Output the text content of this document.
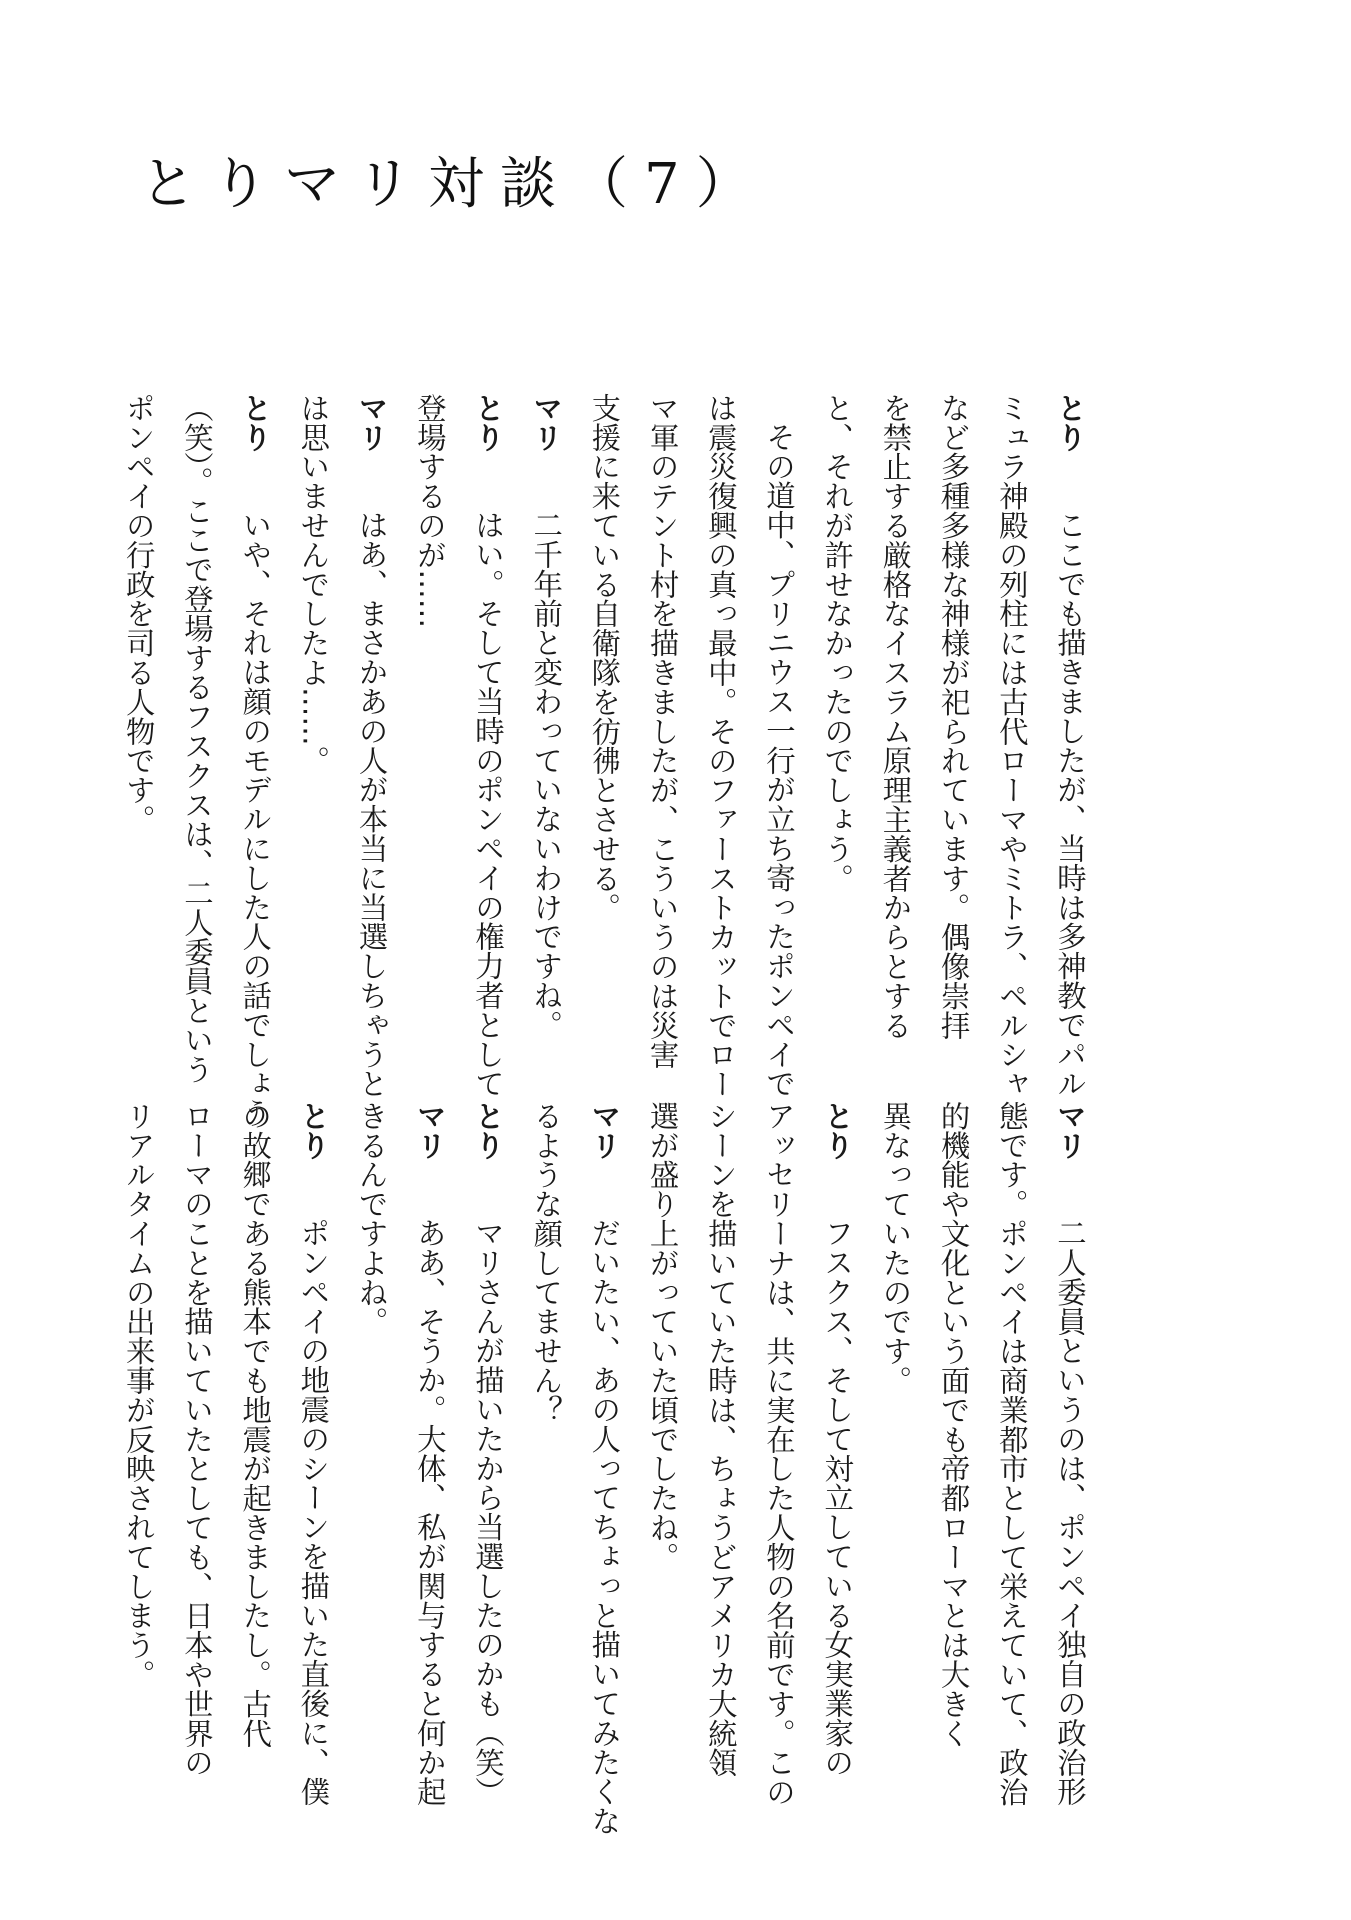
とりマリ対談（7）
とり　ここでも描きましたが、当時は多神教でパル
ミュラ神殿の列柱には古代ローマやミトラ、ペルシャ
など多種多様な神様が祀られています。偶像崇拝
を禁止する厳格なイスラム原理主義者からとする
と、それが許せなかったのでしょう。
その道中、プリニウス一行が立ち寄ったポンペイで
は震災復興の真っ最中。そのファーストカットでロー
マ軍のテント村を描きましたが、こういうのは災害
支援に来ている自衛隊を彷彿とさせる。
マリ　二千年前と変わっていないわけですね。
とり　はい。そして当時のポンペイの権力者として
登場するのが……
マリ　はあ、まさかあの人が本当に当選しちゃうと
は思いませんでしたよ……。
とり　いや、それは顔のモデルにした人の話でしょう
（笑）。ここで登場するフスクスは、二人委員という
ポンペイの行政を司る人物です。
マリ　二人委員というのは、ポンペイ独自の政治形
態です。ポンペイは商業都市として栄えていて、政治
的機能や文化という面でも帝都ローマとは大きく
異なっていたのです。
とり　フスクス、そして対立している女実業家の
アッセリーナは、共に実在した人物の名前です。この
シーンを描いていた時は、ちょうどアメリカ大統領
選が盛り上がっていた頃でしたね。
マリ　だいたい、あの人ってちょっと描いてみたくな
るような顔してません？
とり　マリさんが描いたから当選したのかも（笑）
マリ　ああ、そうか。大体、私が関与すると何か起
きるんですよね。
とり　ポンペイの地震のシーンを描いた直後に、僕
の故郷である熊本でも地震が起きましたし。古代
ローマのことを描いていたとしても、日本や世界の
リアルタイムの出来事が反映されてしまう。
